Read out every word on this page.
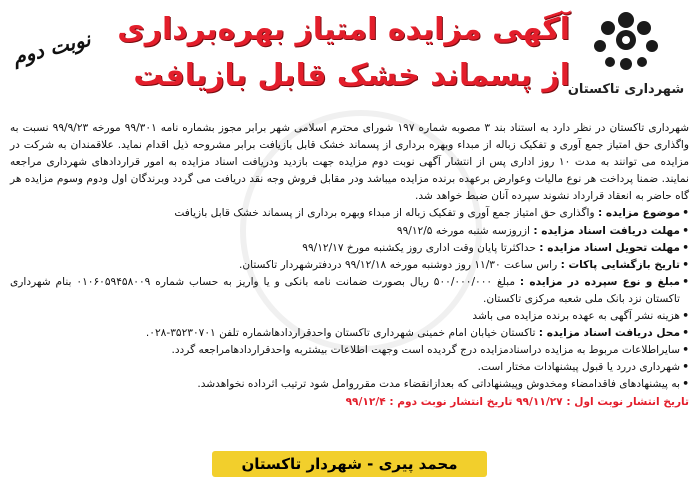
شهرداری تاکستان
آگهی مزایده امتیاز بهره‌برداری
از پسماند خشک قابل بازیافت
نوبت دوم

شهرداری تاکستان در نظر دارد به استناد بند ۳ مصوبه شماره ۱۹۷ شورای محترم اسلامی شهر برابر مجوز بشماره نامه ۹۹/۳۰۱ مورخه ۹۹/۹/۲۳ نسبت به واگذاری حق امتیاز جمع آوری و تفکیک زباله از مبداء وبهره برداری از پسماند خشک قابل بازیافت برابر مشروحه ذیل اقدام نماید. علاقمندان به شرکت در مزایده می توانند به مدت ۱۰ روز اداری پس از انتشار آگهی نوبت دوم مزایده جهت بازدید ودریافت اسناد مزایده به امور قراردادهای شهرداری مراجعه نمایند. ضمنا پرداخت هر نوع مالیات وعوارض برعهده برنده مزایده میباشد ودر مقابل فروش وجه نقد دریافت می گردد وبرندگان اول ودوم وسوم مزایده هر گاه حاضر به انعقاد قرارداد نشوند سپرده آنان ضبط خواهد شد.

• موضوع مزایده : واگذاری حق امتیاز جمع آوری و تفکیک زباله از مبداء وبهره برداری از پسماند خشک قابل بازیافت

• مهلت دریافت اسناد مزایده : ازروزسه شنبه مورخه ۹۹/۱۲/۵

• مهلت تحویل اسناد مزایده : حداکثرتا پایان وقت اداری روز یکشنبه مورخ ۹۹/۱۲/۱۷

• تاریخ بازگشایی پاکات : راس ساعت ۱۱/۳۰ روز دوشنبه مورخه ۹۹/۱۲/۱۸ دردفترشهردار تاکستان.

• مبلغ و نوع سپرده در مزایده : مبلغ ۵۰۰/۰۰۰/۰۰۰ ریال بصورت ضمانت نامه بانکی و یا واریز به حساب شماره ۰۱۰۶۰۵۹۴۵۸۰۰۹ بنام شهرداری تاکستان نزد بانک ملی شعبه مرکزی تاکستان.

• هزینه نشر آگهی به عهده برنده مزایده می باشد

• محل دریافت اسناد مزایده : تاکستان خیابان امام خمینی شهرداری تاکستان واحدقراردادهاشماره تلفن ۳۵۲۳۰۷۰۱-۰۲۸.

• سایراطلاعات مربوط به مزایده دراسنادمزایده درج گردیده است وجهت اطلاعات بیشتربه واحدقراردادهامراجعه گردد.

• شهرداری دررد یا قبول پیشنهادات مختار است.

• به پیشنهادهای فاقدامضاء ومخدوش وپیشنهاداتی که بعدازانقضاء مدت مقرروامل شود ترتیب اثرداده نخواهدشد.

تاریخ انتشار نوبت اول : ۹۹/۱۱/۲۷ تاریخ انتشار نوبت دوم : ۹۹/۱۲/۴

محمد پیری - شهردار تاکستان
